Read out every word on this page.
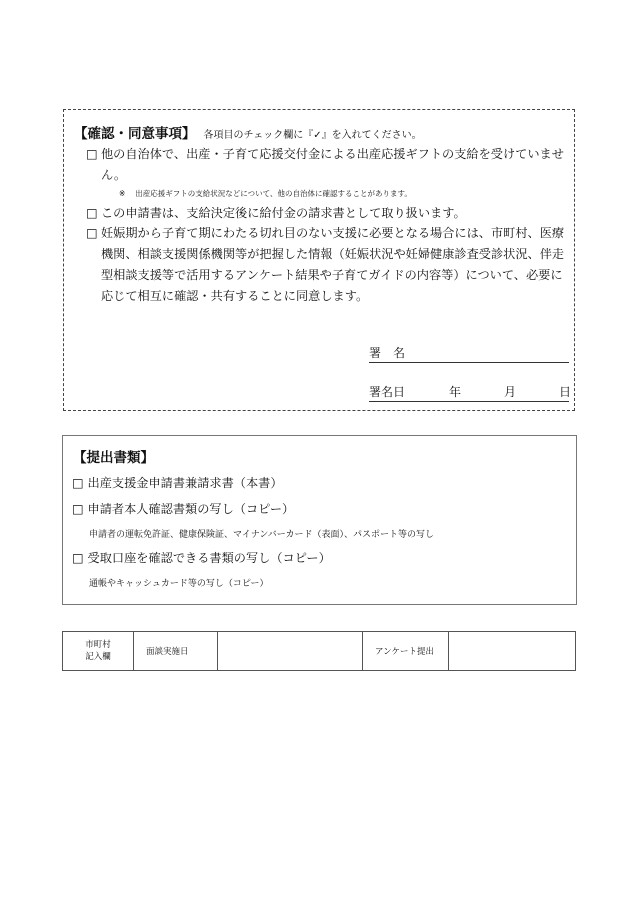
【確認・同意事項】 各項目のチェック欄に『✓』を入れてください。
□ 他の自治体で、出産・子育て応援交付金による出産応援ギフトの支給を受けていません。
※ 出産応援ギフトの支給状況などについて、他の自治体に確認することがあります。
□ この申請書は、支給決定後に給付金の請求書として取り扱います。
□ 妊娠期から子育て期にわたる切れ目のない支援に必要となる場合には、市町村、医療機関、相談支援関係機関等が把握した情報（妊娠状況や妊婦健康診査受診状況、伴走型相談支援等で活用するアンケート結果や子育てガイドの内容等）について、必要に応じて相互に確認・共有することに同意します。
署　名
署名日	年	月	日
【提出書類】
□ 出産支援金申請書兼請求書（本書）
□ 申請者本人確認書類の写し（コピー）
申請者の運転免許証、健康保険証、マイナンバーカード（表面）、パスポート等の写し
□ 受取口座を確認できる書類の写し（コピー）
通帳やキャッシュカード等の写し（コピー）
市町村
記入欄	面談実施日		アンケート提出	
